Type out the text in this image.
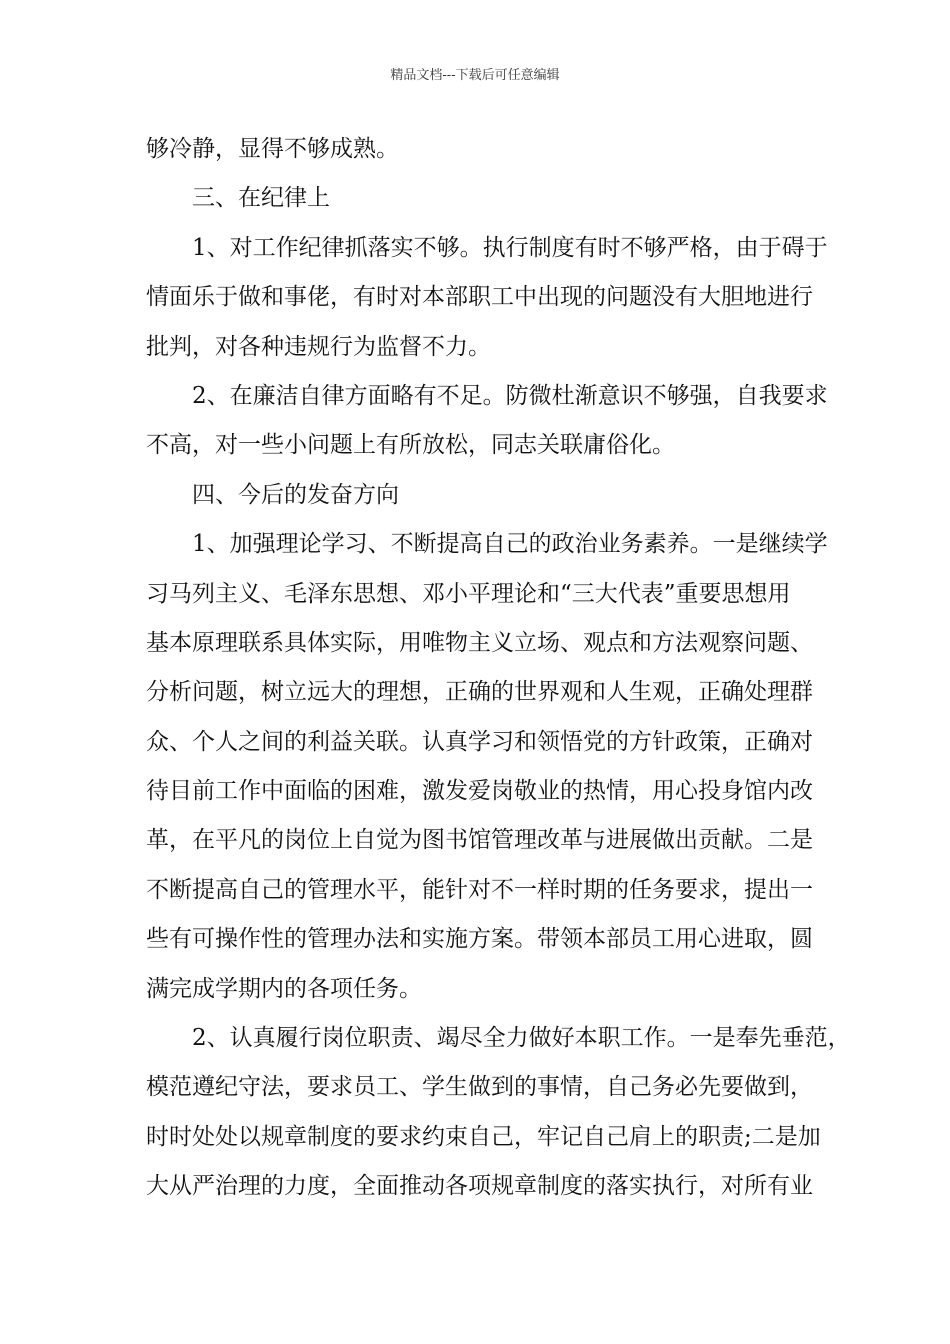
精品文档---下载后可任意编辑
够冷静，显得不够成熟。
三、在纪律上
1、对工作纪律抓落实不够。执行制度有时不够严格，由于碍于
情面乐于做和事佬，有时对本部职工中出现的问题没有大胆地进行
批判，对各种违规行为监督不力。
2、在廉洁自律方面略有不足。防微杜渐意识不够强，自我要求
不高，对一些小问题上有所放松，同志关联庸俗化。
四、今后的发奋方向
1、加强理论学习、不断提高自己的政治业务素养。一是继续学
习马列主义、毛泽东思想、邓小平理论和“三大代表”重要思想用
基本原理联系具体实际，用唯物主义立场、观点和方法观察问题、
分析问题，树立远大的理想，正确的世界观和人生观，正确处理群
众、个人之间的利益关联。认真学习和领悟党的方针政策，正确对
待目前工作中面临的困难，激发爱岗敬业的热情，用心投身馆内改
革，在平凡的岗位上自觉为图书馆管理改革与进展做出贡献。二是
不断提高自己的管理水平，能针对不一样时期的任务要求，提出一
些有可操作性的管理办法和实施方案。带领本部员工用心进取，圆
满完成学期内的各项任务。
2、认真履行岗位职责、竭尽全力做好本职工作。一是奉先垂范，
模范遵纪守法，要求员工、学生做到的事情，自己务必先要做到，
时时处处以规章制度的要求约束自己，牢记自己肩上的职责;二是加
大从严治理的力度，全面推动各项规章制度的落实执行，对所有业
